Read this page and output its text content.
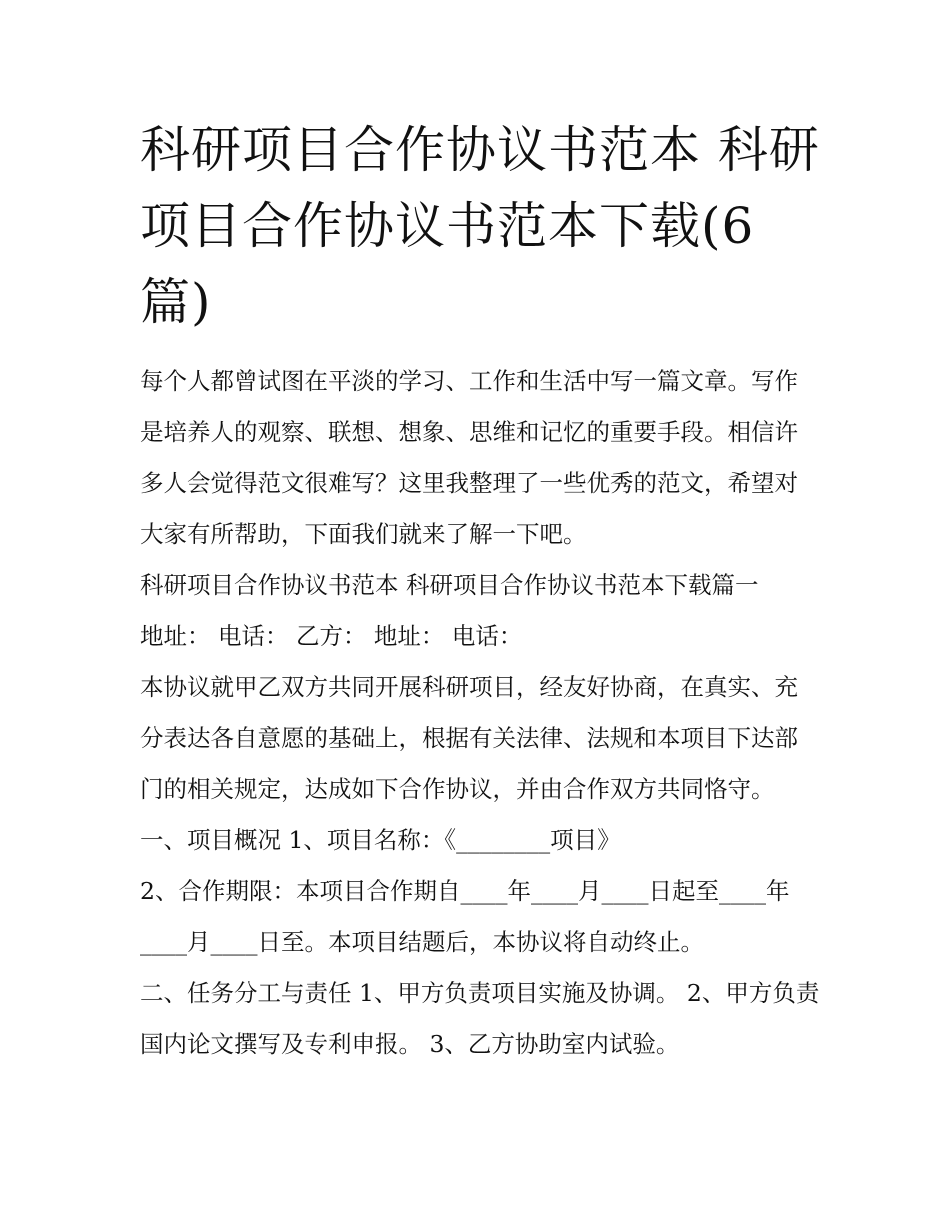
科研项目合作协议书范本 科研项目合作协议书范本下载(6篇)

每个人都曾试图在平淡的学习、工作和生活中写一篇文章。写作是培养人的观察、联想、想象、思维和记忆的重要手段。相信许多人会觉得范文很难写？这里我整理了一些优秀的范文，希望对大家有所帮助，下面我们就来了解一下吧。

科研项目合作协议书范本 科研项目合作协议书范本下载篇一

地址： 电话： 乙方： 地址： 电话：

本协议就甲乙双方共同开展科研项目，经友好协商，在真实、充分表达各自意愿的基础上，根据有关法律、法规和本项目下达部门的相关规定，达成如下合作协议，并由合作双方共同恪守。

一、项目概况 1、项目名称：《________项目》

2、合作期限：本项目合作期自____年____月____日起至____年____月____日至。本项目结题后，本协议将自动终止。

二、任务分工与责任 1、甲方负责项目实施及协调。 2、甲方负责国内论文撰写及专利申报。 3、乙方协助室内试验。
